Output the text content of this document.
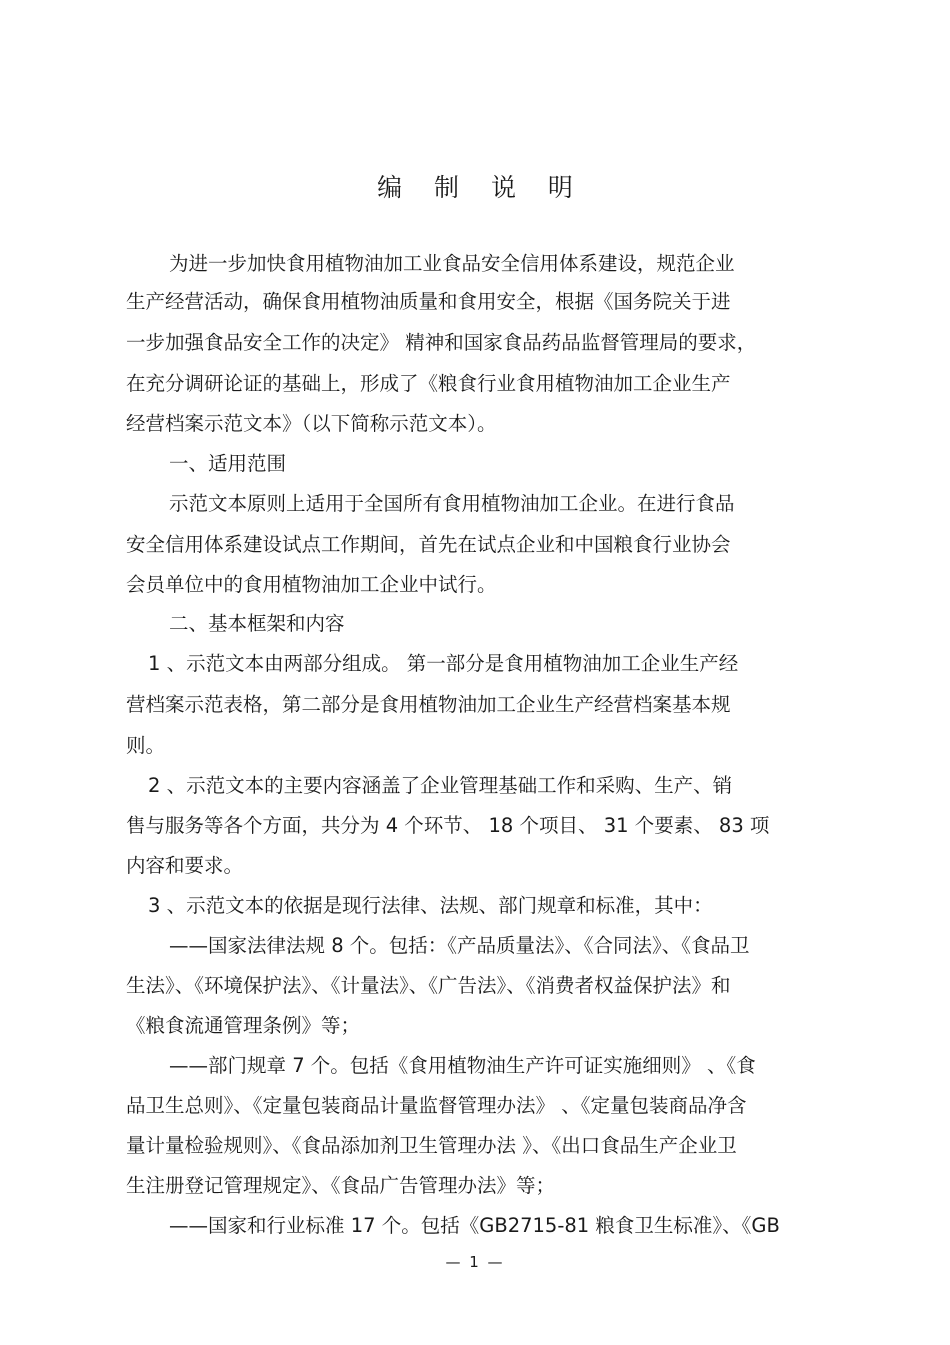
编 制 说 明
为进一步加快食用植物油加工业食品安全信用体系建设，规范企业
生产经营活动，确保食用植物油质量和食用安全，根据《国务院关于进
一步加强食品安全工作的决定》 精神和国家食品药品监督管理局的要求，
在充分调研论证的基础上，形成了《粮食行业食用植物油加工企业生产
经营档案示范文本》（以下简称示范文本）。
一、适用范围
示范文本原则上适用于全国所有食用植物油加工企业。在进行食品
安全信用体系建设试点工作期间，首先在试点企业和中国粮食行业协会
会员单位中的食用植物油加工企业中试行。
二、基本框架和内容
1 、示范文本由两部分组成。 第一部分是食用植物油加工企业生产经
营档案示范表格，第二部分是食用植物油加工企业生产经营档案基本规
则。
2 、示范文本的主要内容涵盖了企业管理基础工作和采购、生产、销
售与服务等各个方面，共分为 4 个环节、 18 个项目、 31 个要素、 83 项
内容和要求。
3 、示范文本的依据是现行法律、法规、部门规章和标准，其中：
——国家法律法规 8 个。包括：《产品质量法》、《合同法》、《食品卫
生法》、《环境保护法》、《计量法》、《广告法》、《消费者权益保护法》和
《粮食流通管理条例》等；
——部门规章 7 个。包括《食用植物油生产许可证实施细则》 、《食
品卫生总则》、《定量包装商品计量监督管理办法》 、《定量包装商品净含
量计量检验规则》、《食品添加剂卫生管理办法 》、《出口食品生产企业卫
生注册登记管理规定》、《食品广告管理办法》等；
——国家和行业标准 17 个。包括《GB2715-81 粮食卫生标准》、《GB
— 1 —
